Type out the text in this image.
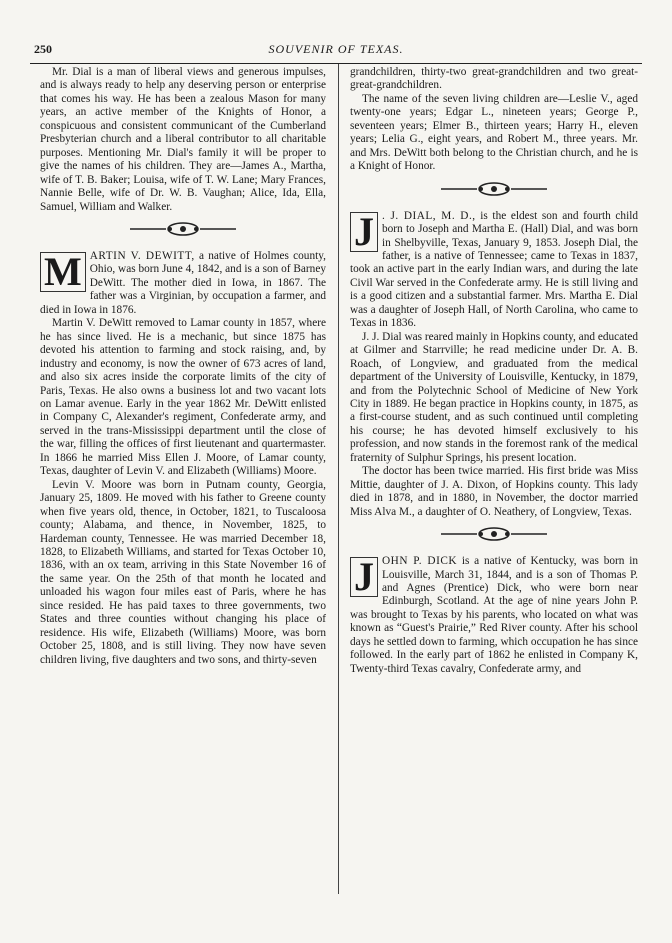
250	SOUVENIR OF TEXAS.

Mr. Dial is a man of liberal views and generous impulses, and is always ready to help any deserving person or enterprise that comes his way. He has been a zealous Mason for many years, an active member of the Knights of Honor, a conspicuous and consistent communicant of the Cumberland Presbyterian church and a liberal contributor to all charitable purposes. Mentioning Mr. Dial's family it will be proper to give the names of his children. They are—James A., Martha, wife of T. B. Baker; Louisa, wife of T. W. Lane; Mary Frances, Nannie Belle, wife of Dr. W. B. Vaughan; Alice, Ida, Ella, Samuel, William and Walker.

M ARTIN V. DEWITT, a native of Holmes county, Ohio, was born June 4, 1842, and is a son of Barney DeWitt. The mother died in Iowa, in 1867. The father was a Virginian, by occupation a farmer, and died in Iowa in 1876.

Martin V. DeWitt removed to Lamar county in 1857, where he has since lived. He is a mechanic, but since 1875 has devoted his attention to farming and stock raising, and, by industry and economy, is now the owner of 673 acres of land, and also six acres inside the corporate limits of the city of Paris, Texas. He also owns a business lot and two vacant lots on Lamar avenue. Early in the year 1862 Mr. DeWitt enlisted in Company C, Alexander's regiment, Confederate army, and served in the trans-Mississippi department until the close of the war, filling the offices of first lieutenant and quartermaster. In 1866 he married Miss Ellen J. Moore, of Lamar county, Texas, daughter of Levin V. and Elizabeth (Williams) Moore.

Levin V. Moore was born in Putnam county, Georgia, January 25, 1809. He moved with his father to Greene county when five years old, thence, in October, 1821, to Tuscaloosa county; Alabama, and thence, in November, 1825, to Hardeman county, Tennessee. He was married December 18, 1828, to Elizabeth Williams, and started for Texas October 10, 1836, with an ox team, arriving in this State November 16 of the same year. On the 25th of that month he located and unloaded his wagon four miles east of Paris, where he has since resided. He has paid taxes to three governments, two States and three counties without changing his place of residence. His wife, Elizabeth (Williams) Moore, was born October 25, 1808, and is still living. They now have seven children living, five daughters and two sons, and thirty-seven

grandchildren, thirty-two great-grandchildren and two great-great-grandchildren.

The name of the seven living children are—Leslie V., aged twenty-one years; Edgar L., nineteen years; George P., seventeen years; Elmer B., thirteen years; Harry H., eleven years; Lelia G., eight years, and Robert M., three years. Mr. and Mrs. DeWitt both belong to the Christian church, and he is a Knight of Honor.

J . J. DIAL, M. D., is the eldest son and fourth child born to Joseph and Martha E. (Hall) Dial, and was born in Shelbyville, Texas, January 9, 1853. Joseph Dial, the father, is a native of Tennessee; came to Texas in 1837, took an active part in the early Indian wars, and during the late Civil War served in the Confederate army. He is still living and is a good citizen and a substantial farmer. Mrs. Martha E. Dial was a daughter of Joseph Hall, of North Carolina, who came to Texas in 1836.

J. J. Dial was reared mainly in Hopkins county, and educated at Gilmer and Starrville; he read medicine under Dr. A. B. Roach, of Longview, and graduated from the medical department of the University of Louisville, Kentucky, in 1879, and from the Polytechnic School of Medicine of New York City in 1889. He began practice in Hopkins county, in 1875, as a first-course student, and as such continued until completing his course; he has devoted himself exclusively to his profession, and now stands in the foremost rank of the medical fraternity of Sulphur Springs, his present location.

The doctor has been twice married. His first bride was Miss Mittie, daughter of J. A. Dixon, of Hopkins county. This lady died in 1878, and in 1880, in November, the doctor married Miss Alva M., a daughter of O. Neathery, of Longview, Texas.

J OHN P. DICK is a native of Kentucky, was born in Louisville, March 31, 1844, and is a son of Thomas P. and Agnes (Prentice) Dick, who were born near Edinburgh, Scotland. At the age of nine years John P. was brought to Texas by his parents, who located on what was known as “Guest's Prairie,” Red River county. After his school days he settled down to farming, which occupation he has since followed. In the early part of 1862 he enlisted in Company K, Twenty-third Texas cavalry, Confederate army, and
